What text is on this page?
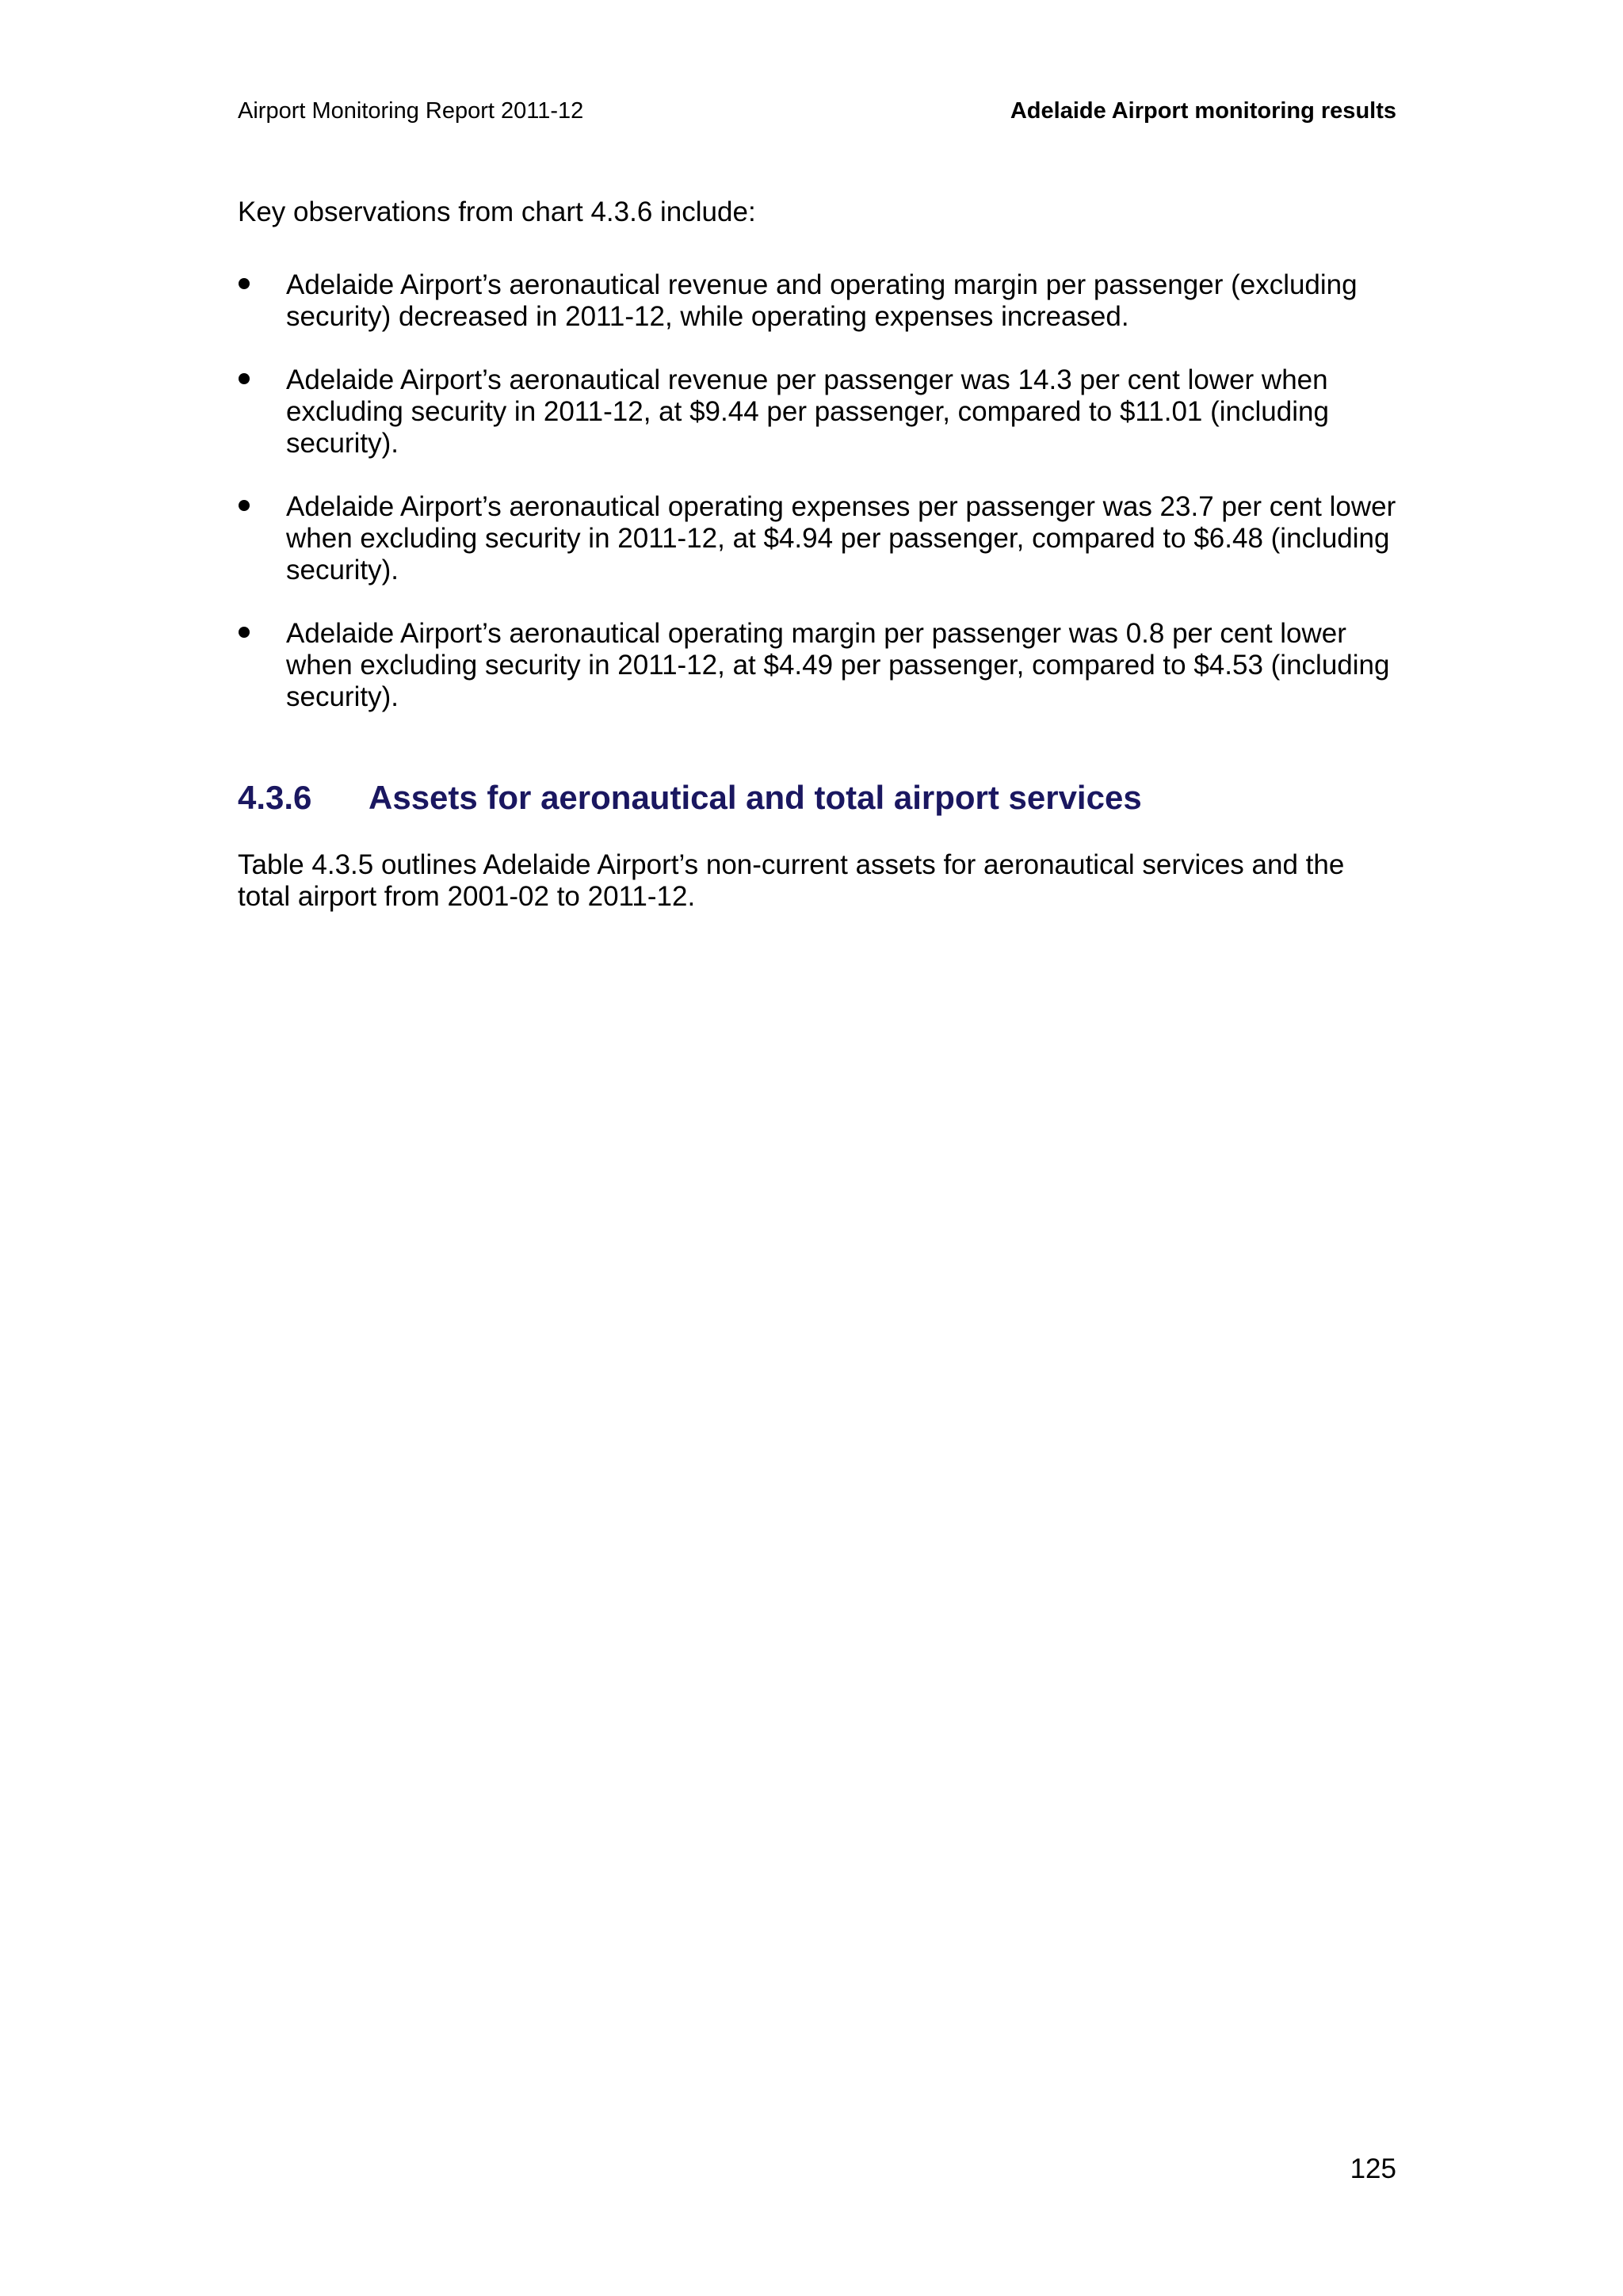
Airport Monitoring Report 2011-12	Adelaide Airport monitoring results
Key observations from chart 4.3.6 include:
Adelaide Airport’s aeronautical revenue and operating margin per passenger (excluding security) decreased in 2011-12, while operating expenses increased.
Adelaide Airport’s aeronautical revenue per passenger was 14.3 per cent lower when excluding security in 2011-12, at $9.44 per passenger, compared to $11.01 (including security).
Adelaide Airport’s aeronautical operating expenses per passenger was 23.7 per cent lower when excluding security in 2011-12, at $4.94 per passenger, compared to $6.48 (including security).
Adelaide Airport’s aeronautical operating margin per passenger was 0.8 per cent lower when excluding security in 2011-12, at $4.49 per passenger, compared to $4.53 (including security).
4.3.6 Assets for aeronautical and total airport services
Table 4.3.5 outlines Adelaide Airport’s non-current assets for aeronautical services and the total airport from 2001-02 to 2011-12.
125
